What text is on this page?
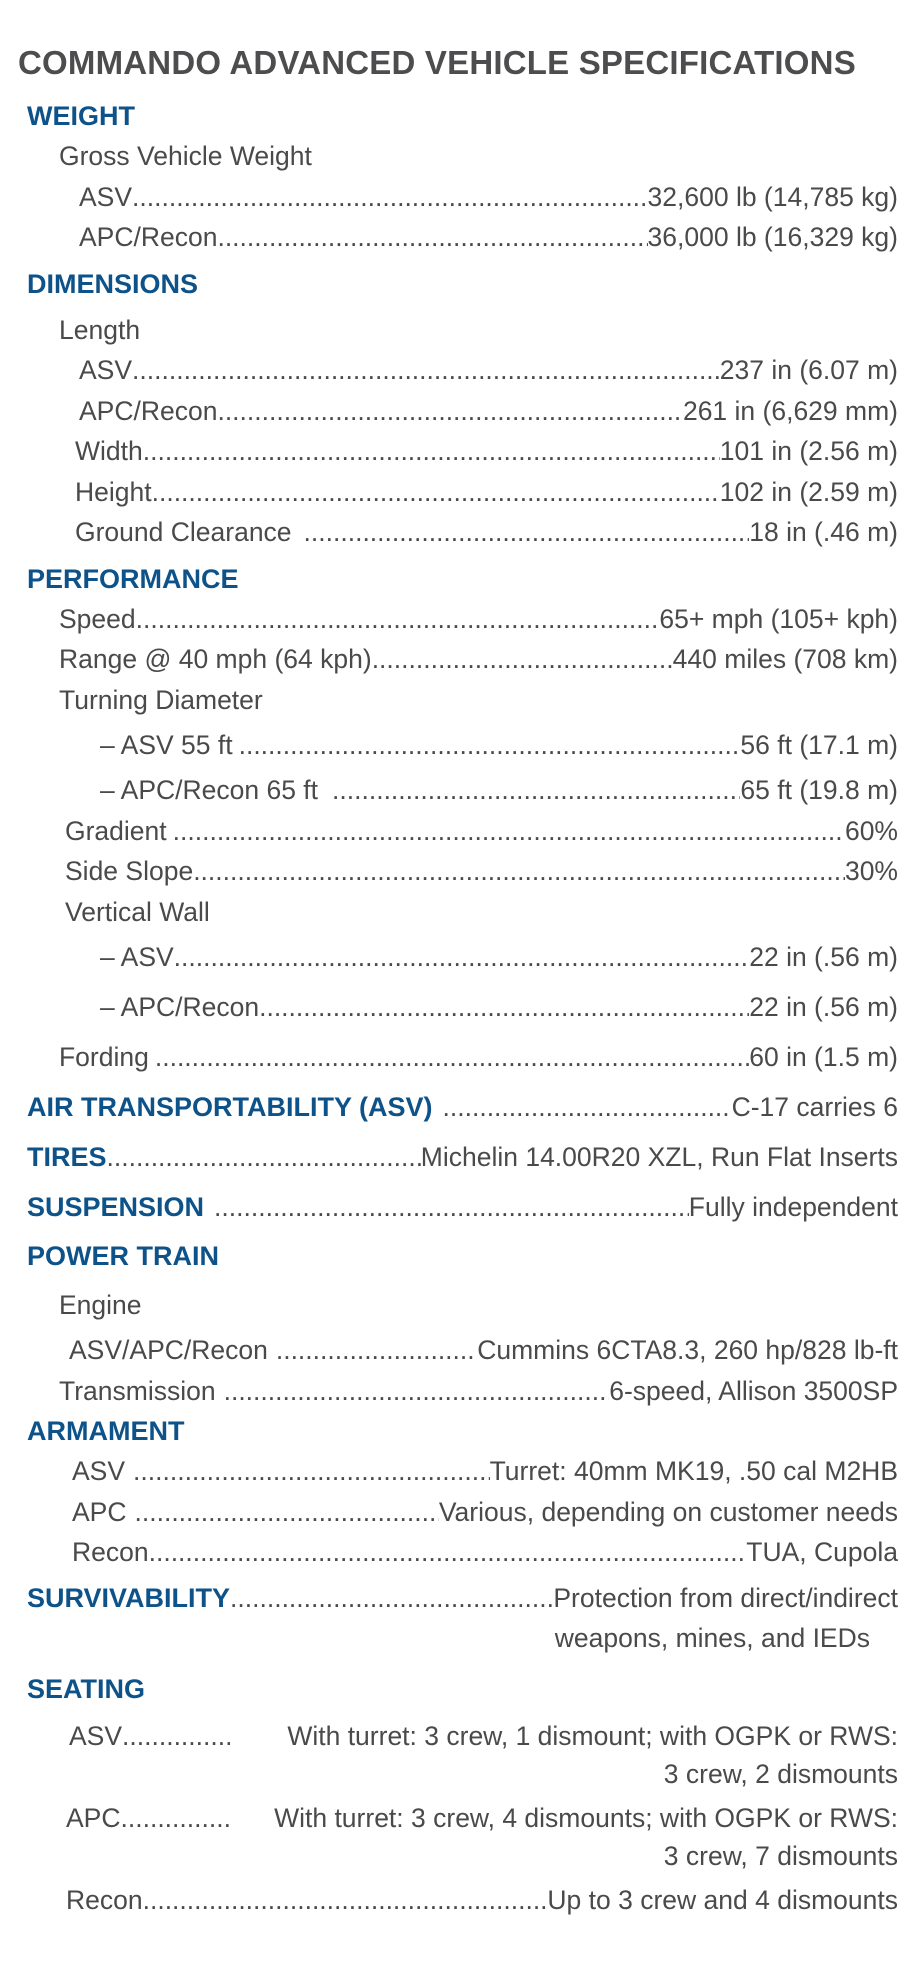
COMMANDO ADVANCED VEHICLE SPECIFICATIONS
WEIGHT
• Gross Vehicle Weight
ASV .....	32,600 lb (14,785 kg)
APC/Recon .....	36,000 lb (16,329 kg)
DIMENSIONS
• Length
ASV .....	237 in (6.07 m)
APC/Recon .....	261 in (6,629 mm)
• Width .....	101 in (2.56 m)
• Height .....	102 in (2.59 m)
• Ground Clearance .....	18 in (.46 m)
PERFORMANCE
• Speed .....	65+ mph (105+ kph)
• Range @ 40 mph (64 kph) .....	440 miles (708 km)
• Turning Diameter
– ASV 55 ft .....	56 ft (17.1 m)
– APC/Recon 65 ft .....	65 ft (19.8 m)
• Gradient .....	60%
• Side Slope .....	30%
• Vertical Wall
– ASV .....	22 in (.56 m)
– APC/Recon .....	22 in (.56 m)
• Fording .....	60 in (1.5 m)
AIR TRANSPORTABILITY (ASV) .....	C-17 carries 6
TIRES .....	Michelin 14.00R20 XZL, Run Flat Inserts
SUSPENSION .....	Fully independent
POWER TRAIN
• Engine
ASV/APC/Recon .....	Cummins 6CTA8.3, 260 hp/828 lb-ft
• Transmission .....	6-speed, Allison 3500SP
ARMAMENT
ASV .....	Turret: 40mm MK19, .50 cal M2HB
APC .....	Various, depending on customer needs
Recon .....	TUA, Cupola
SURVIVABILITY .....	Protection from direct/indirect
weapons, mines, and IEDs
SEATING
ASV .....	With turret: 3 crew, 1 dismount; with OGPK or RWS:
3 crew, 2 dismounts
APC .....	With turret: 3 crew, 4 dismounts; with OGPK or RWS:
3 crew, 7 dismounts
Recon .....	Up to 3 crew and 4 dismounts
